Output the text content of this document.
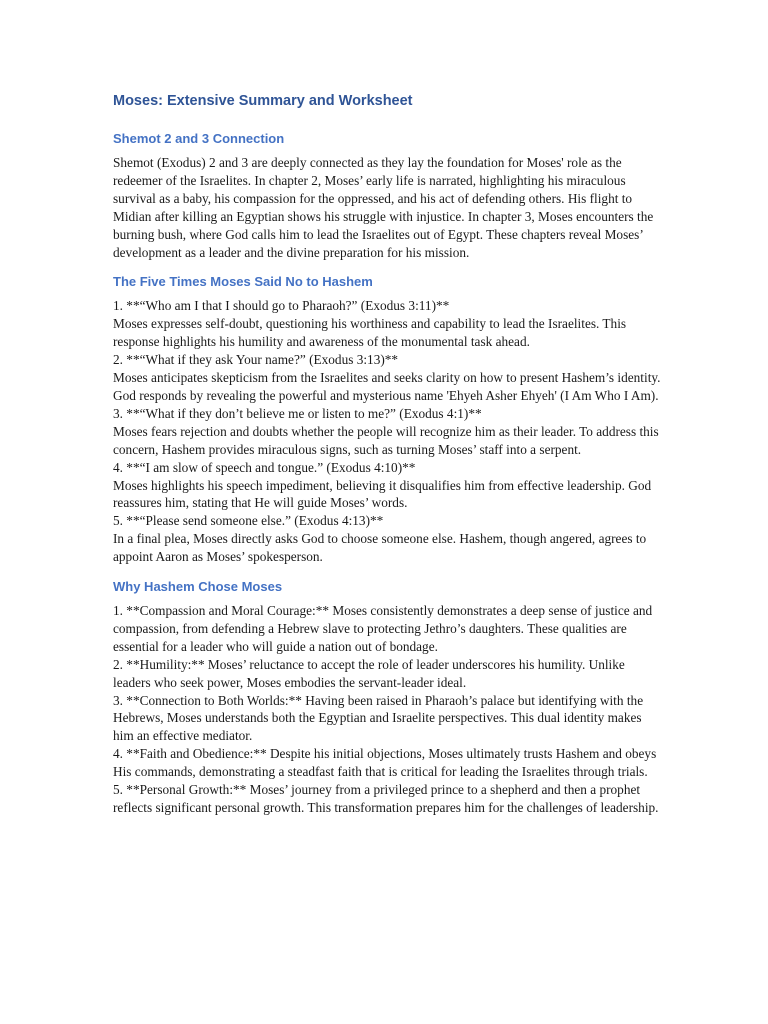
Moses: Extensive Summary and Worksheet
Shemot 2 and 3 Connection

Shemot (Exodus) 2 and 3 are deeply connected as they lay the foundation for Moses' role as the redeemer of the Israelites. In chapter 2, Moses’ early life is narrated, highlighting his miraculous survival as a baby, his compassion for the oppressed, and his act of defending others. His flight to Midian after killing an Egyptian shows his struggle with injustice. In chapter 3, Moses encounters the burning bush, where God calls him to lead the Israelites out of Egypt. These chapters reveal Moses’ development as a leader and the divine preparation for his mission.

The Five Times Moses Said No to Hashem

1. **“Who am I that I should go to Pharaoh?” (Exodus 3:11)**

Moses expresses self-doubt, questioning his worthiness and capability to lead the Israelites. This response highlights his humility and awareness of the monumental task ahead.

2. **“What if they ask Your name?” (Exodus 3:13)**

Moses anticipates skepticism from the Israelites and seeks clarity on how to present Hashem’s identity. God responds by revealing the powerful and mysterious name 'Ehyeh Asher Ehyeh' (I Am Who I Am).

3. **“What if they don’t believe me or listen to me?” (Exodus 4:1)**

Moses fears rejection and doubts whether the people will recognize him as their leader. To address this concern, Hashem provides miraculous signs, such as turning Moses’ staff into a serpent.

4. **“I am slow of speech and tongue.” (Exodus 4:10)**

Moses highlights his speech impediment, believing it disqualifies him from effective leadership. God reassures him, stating that He will guide Moses’ words.

5. **“Please send someone else.” (Exodus 4:13)**

In a final plea, Moses directly asks God to choose someone else. Hashem, though angered, agrees to appoint Aaron as Moses’ spokesperson.

Why Hashem Chose Moses

1. **Compassion and Moral Courage:** Moses consistently demonstrates a deep sense of justice and compassion, from defending a Hebrew slave to protecting Jethro’s daughters. These qualities are essential for a leader who will guide a nation out of bondage.

2. **Humility:** Moses’ reluctance to accept the role of leader underscores his humility. Unlike leaders who seek power, Moses embodies the servant-leader ideal.

3. **Connection to Both Worlds:** Having been raised in Pharaoh’s palace but identifying with the Hebrews, Moses understands both the Egyptian and Israelite perspectives. This dual identity makes him an effective mediator.

4. **Faith and Obedience:** Despite his initial objections, Moses ultimately trusts Hashem and obeys His commands, demonstrating a steadfast faith that is critical for leading the Israelites through trials.

5. **Personal Growth:** Moses’ journey from a privileged prince to a shepherd and then a prophet reflects significant personal growth. This transformation prepares him for the challenges of leadership.
